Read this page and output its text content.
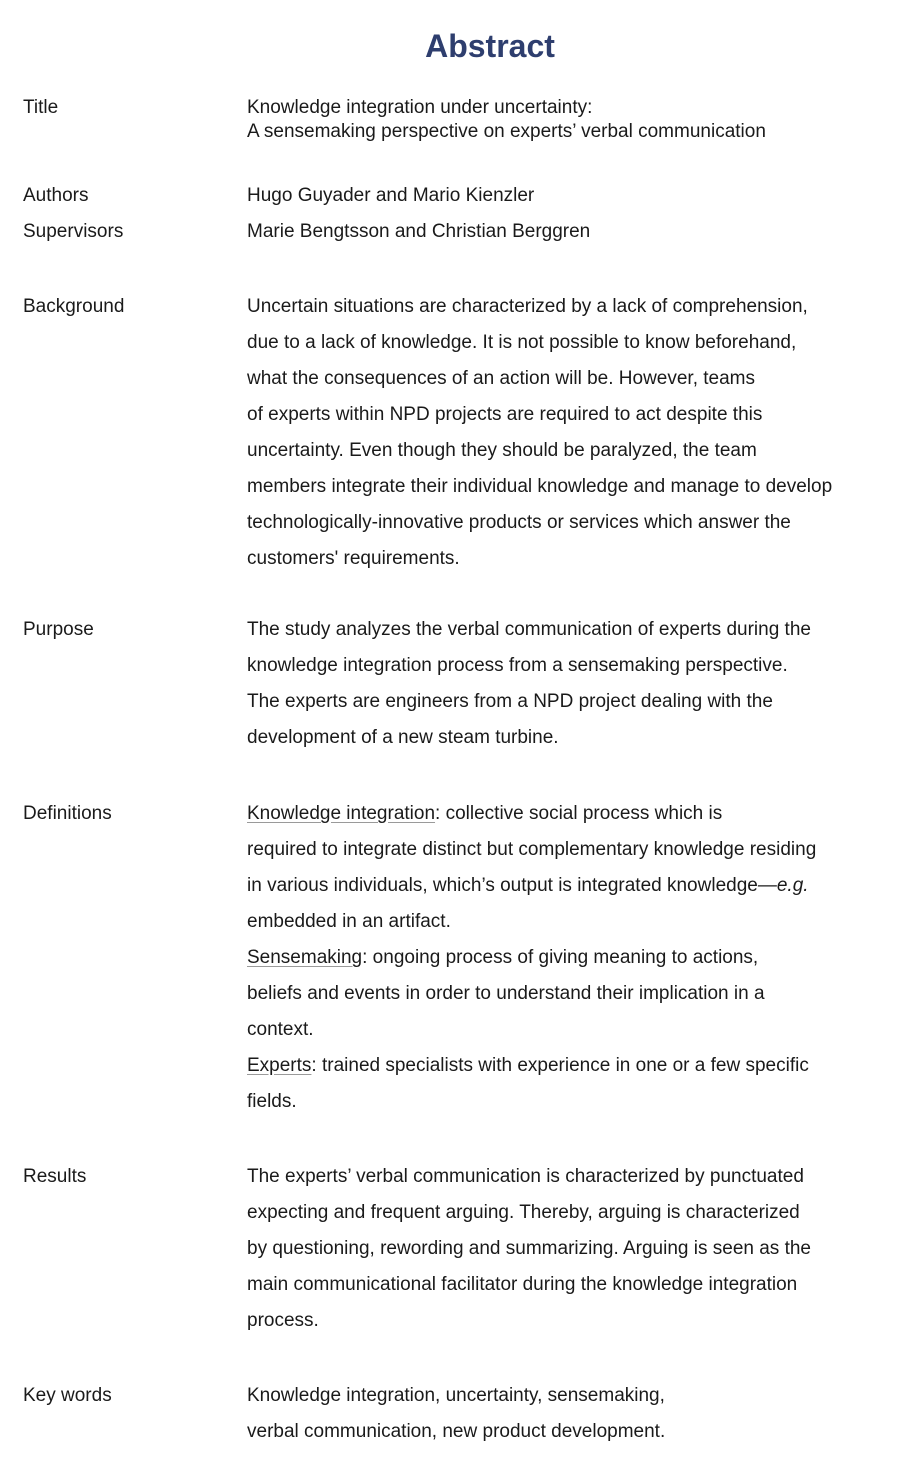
Abstract
Title	Knowledge integration under uncertainty:
A sensemaking perspective on experts’ verbal communication
Authors	Hugo Guyader and Mario Kienzler
Supervisors	Marie Bengtsson and Christian Berggren
Background	Uncertain situations are characterized by a lack of comprehension,
due to a lack of knowledge. It is not possible to know beforehand,
what the consequences of an action will be. However, teams
of experts within NPD projects are required to act despite this
uncertainty. Even though they should be paralyzed, the team
members integrate their individual knowledge and manage to develop
technologically-innovative products or services which answer the
customers' requirements.
Purpose	The study analyzes the verbal communication of experts during the
knowledge integration process from a sensemaking perspective.
The experts are engineers from a NPD project dealing with the
development of a new steam turbine.
Definitions	Knowledge integration: collective social process which is
required to integrate distinct but complementary knowledge residing
in various individuals, which’s output is integrated knowledge—e.g.
embedded in an artifact.
Sensemaking: ongoing process of giving meaning to actions,
beliefs and events in order to understand their implication in a
context.
Experts: trained specialists with experience in one or a few specific
fields.
Results	The experts’ verbal communication is characterized by punctuated
expecting and frequent arguing. Thereby, arguing is characterized
by questioning, rewording and summarizing. Arguing is seen as the
main communicational facilitator during the knowledge integration
process.
Key words	Knowledge integration, uncertainty, sensemaking,
verbal communication, new product development.
